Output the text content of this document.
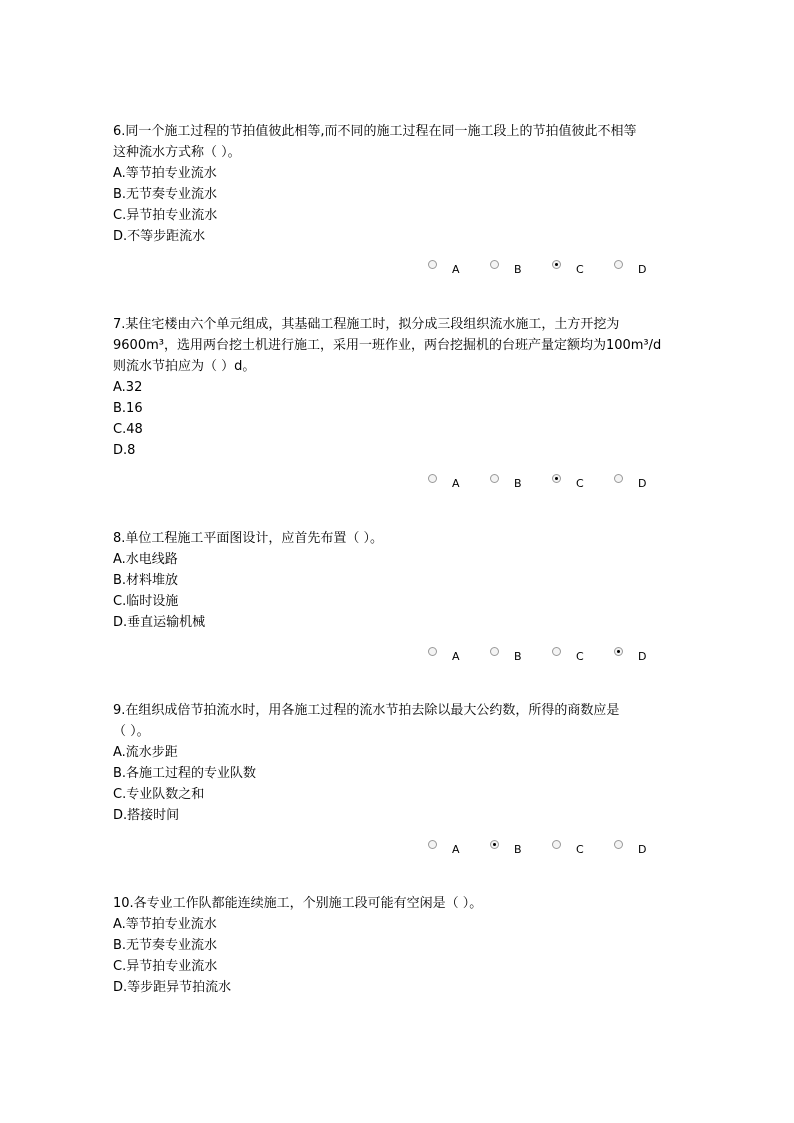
6.同一个施工过程的节拍值彼此相等,而不同的施工过程在同一施工段上的节拍值彼此不相等
这种流水方式称（ ）。
A.等节拍专业流水
B.无节奏专业流水
C.异节拍专业流水
D.不等步距流水
A	B	C	D
7.某住宅楼由六个单元组成，其基础工程施工时，拟分成三段组织流水施工，土方开挖为
9600m³，选用两台挖土机进行施工，采用一班作业，两台挖掘机的台班产量定额均为100m³/d
则流水节拍应为（ ）d。
A.32
B.16
C.48
D.8
A	B	C	D
8.单位工程施工平面图设计，应首先布置（ ）。
A.水电线路
B.材料堆放
C.临时设施
D.垂直运输机械
A	B	C	D
9.在组织成倍节拍流水时，用各施工过程的流水节拍去除以最大公约数，所得的商数应是
（ ）。
A.流水步距
B.各施工过程的专业队数
C.专业队数之和
D.搭接时间
A	B	C	D
10.各专业工作队都能连续施工，个别施工段可能有空闲是（ ）。
A.等节拍专业流水
B.无节奏专业流水
C.异节拍专业流水
D.等步距异节拍流水
